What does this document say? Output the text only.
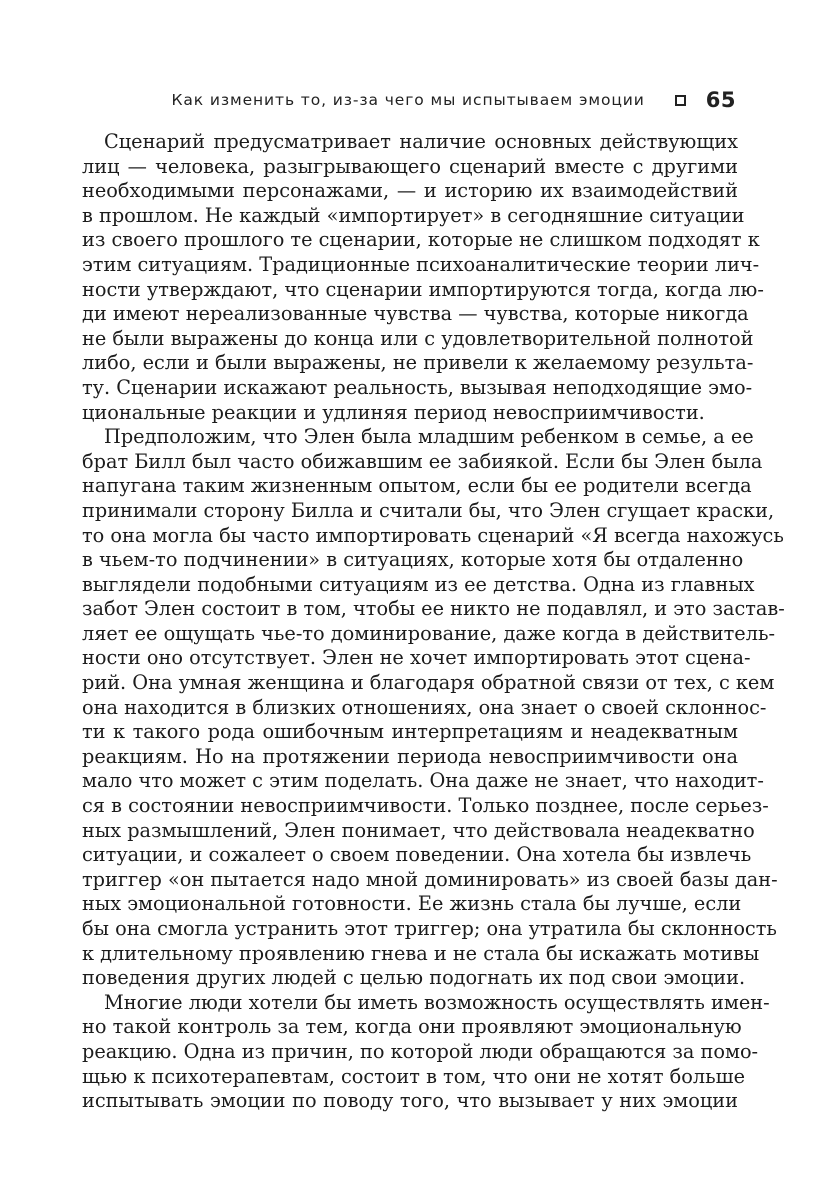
Как изменить то, из-за чего мы испытываем эмоции	65
Сценарий предусматривает наличие основных действующих
лиц — человека, разыгрывающего сценарий вместе с другими
необходимыми персонажами, — и историю их взаимодействий
в прошлом. Не каждый «импортирует» в сегодняшние ситуации
из своего прошлого те сценарии, которые не слишком подходят к
этим ситуациям. Традиционные психоаналитические теории лич-
ности утверждают, что сценарии импортируются тогда, когда лю-
ди имеют нереализованные чувства — чувства, которые никогда
не были выражены до конца или с удовлетворительной полнотой
либо, если и были выражены, не привели к желаемому результа-
ту. Сценарии искажают реальность, вызывая неподходящие эмо-
циональные реакции и удлиняя период невосприимчивости.
Предположим, что Элен была младшим ребенком в семье, а ее
брат Билл был часто обижавшим ее забиякой. Если бы Элен была
напугана таким жизненным опытом, если бы ее родители всегда
принимали сторону Билла и считали бы, что Элен сгущает краски,
то она могла бы часто импортировать сценарий «Я всегда нахожусь
в чьем-то подчинении» в ситуациях, которые хотя бы отдаленно
выглядели подобными ситуациям из ее детства. Одна из главных
забот Элен состоит в том, чтобы ее никто не подавлял, и это застав-
ляет ее ощущать чье-то доминирование, даже когда в действитель-
ности оно отсутствует. Элен не хочет импортировать этот сцена-
рий. Она умная женщина и благодаря обратной связи от тех, с кем
она находится в близких отношениях, она знает о своей склоннос-
ти к такого рода ошибочным интерпретациям и неадекватным
реакциям. Но на протяжении периода невосприимчивости она
мало что может с этим поделать. Она даже не знает, что находит-
ся в состоянии невосприимчивости. Только позднее, после серьез-
ных размышлений, Элен понимает, что действовала неадекватно
ситуации, и сожалеет о своем поведении. Она хотела бы извлечь
триггер «он пытается надо мной доминировать» из своей базы дан-
ных эмоциональной готовности. Ее жизнь стала бы лучше, если
бы она смогла устранить этот триггер; она утратила бы склонность
к длительному проявлению гнева и не стала бы искажать мотивы
поведения других людей с целью подогнать их под свои эмоции.
Многие люди хотели бы иметь возможность осуществлять имен-
но такой контроль за тем, когда они проявляют эмоциональную
реакцию. Одна из причин, по которой люди обращаются за помо-
щью к психотерапевтам, состоит в том, что они не хотят больше
испытывать эмоции по поводу того, что вызывает у них эмоции
